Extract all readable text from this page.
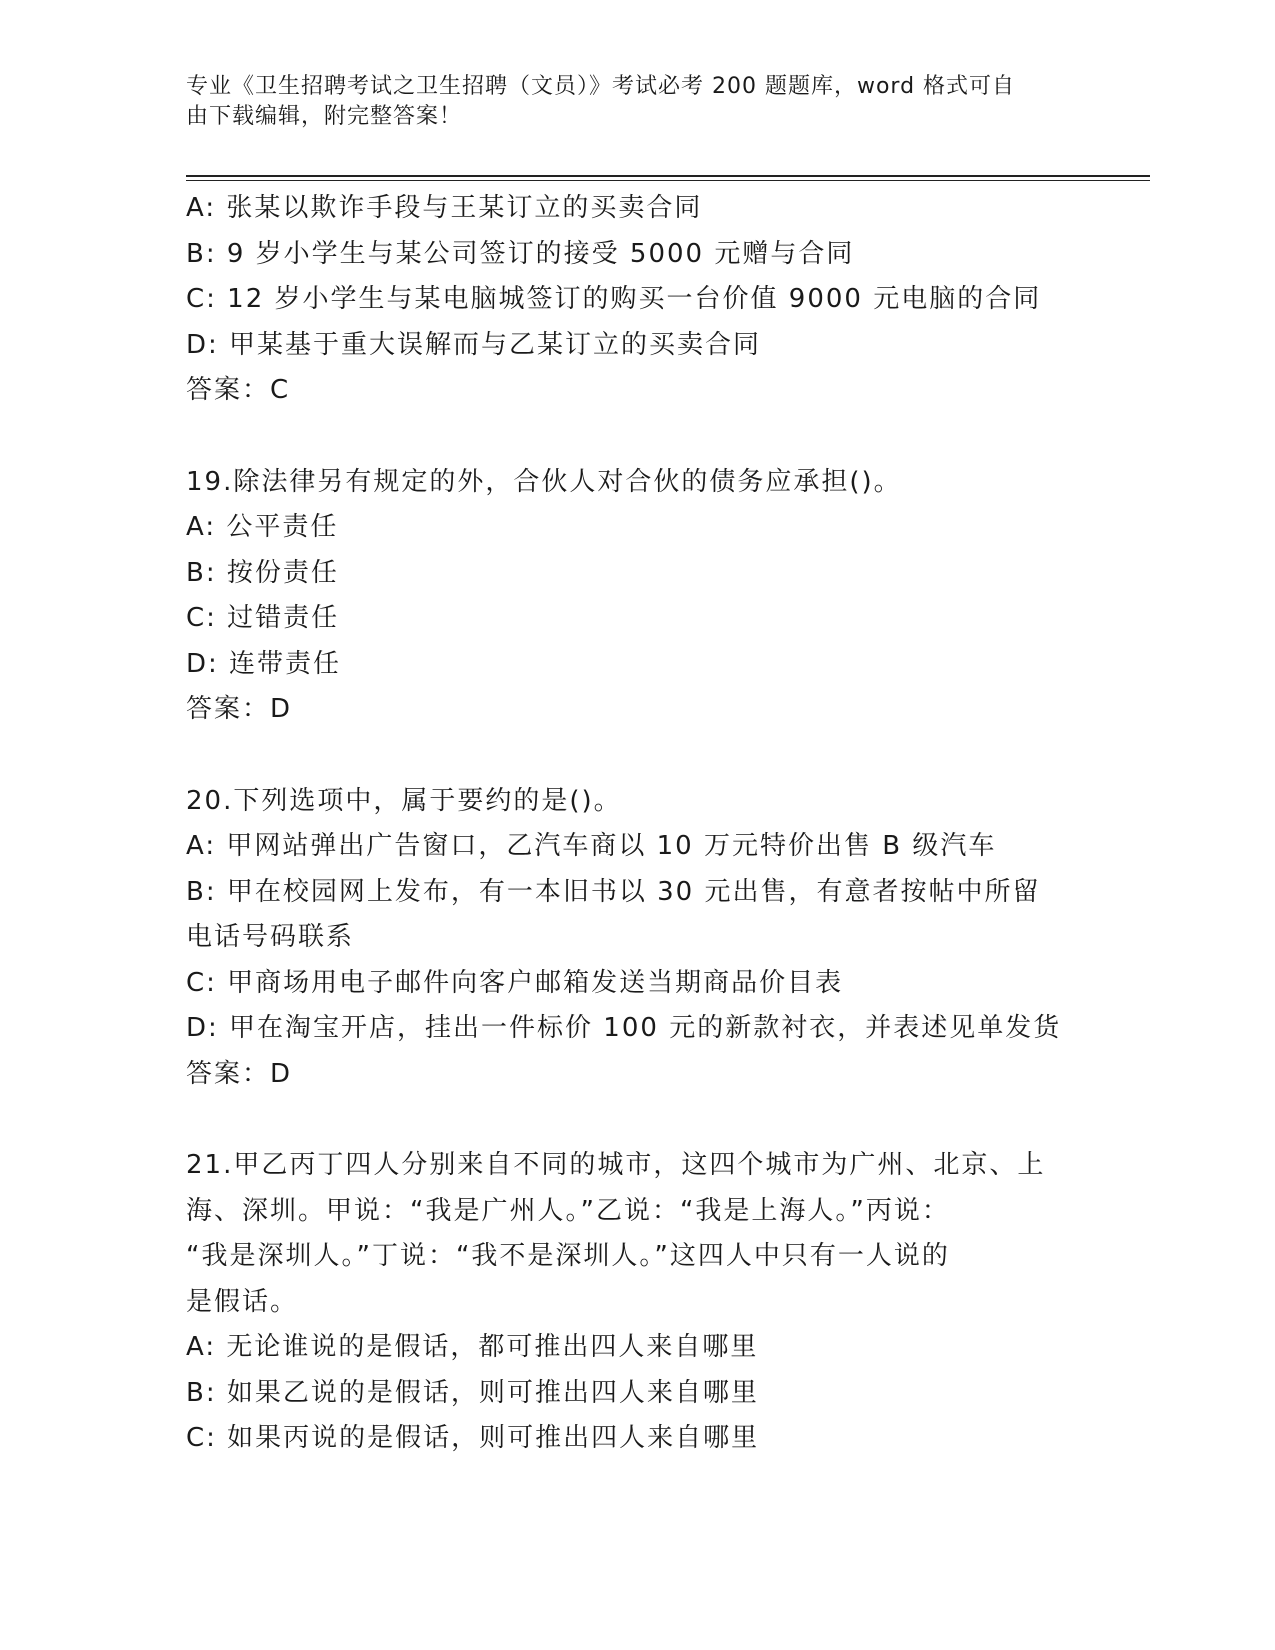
专业《卫生招聘考试之卫生招聘（文员）》考试必考 200 题题库，word 格式可自
由下载编辑，附完整答案！
A: 张某以欺诈手段与王某订立的买卖合同
B: 9 岁小学生与某公司签订的接受 5000 元赠与合同
C: 12 岁小学生与某电脑城签订的购买一台价值 9000 元电脑的合同
D: 甲某基于重大误解而与乙某订立的买卖合同
答案：C
19.除法律另有规定的外，合伙人对合伙的债务应承担()。
A: 公平责任
B: 按份责任
C: 过错责任
D: 连带责任
答案：D
20.下列选项中，属于要约的是()。
A: 甲网站弹出广告窗口，乙汽车商以 10 万元特价出售 B 级汽车
B: 甲在校园网上发布，有一本旧书以 30 元出售，有意者按帖中所留
电话号码联系
C: 甲商场用电子邮件向客户邮箱发送当期商品价目表
D: 甲在淘宝开店，挂出一件标价 100 元的新款衬衣，并表述见单发货
答案：D
21.甲乙丙丁四人分别来自不同的城市，这四个城市为广州、北京、上
海、深圳。甲说：“我是广州人。”乙说：“我是上海人。”丙说：
“我是深圳人。”丁说：“我不是深圳人。”这四人中只有一人说的
是假话。
A: 无论谁说的是假话，都可推出四人来自哪里
B: 如果乙说的是假话，则可推出四人来自哪里
C: 如果丙说的是假话，则可推出四人来自哪里
